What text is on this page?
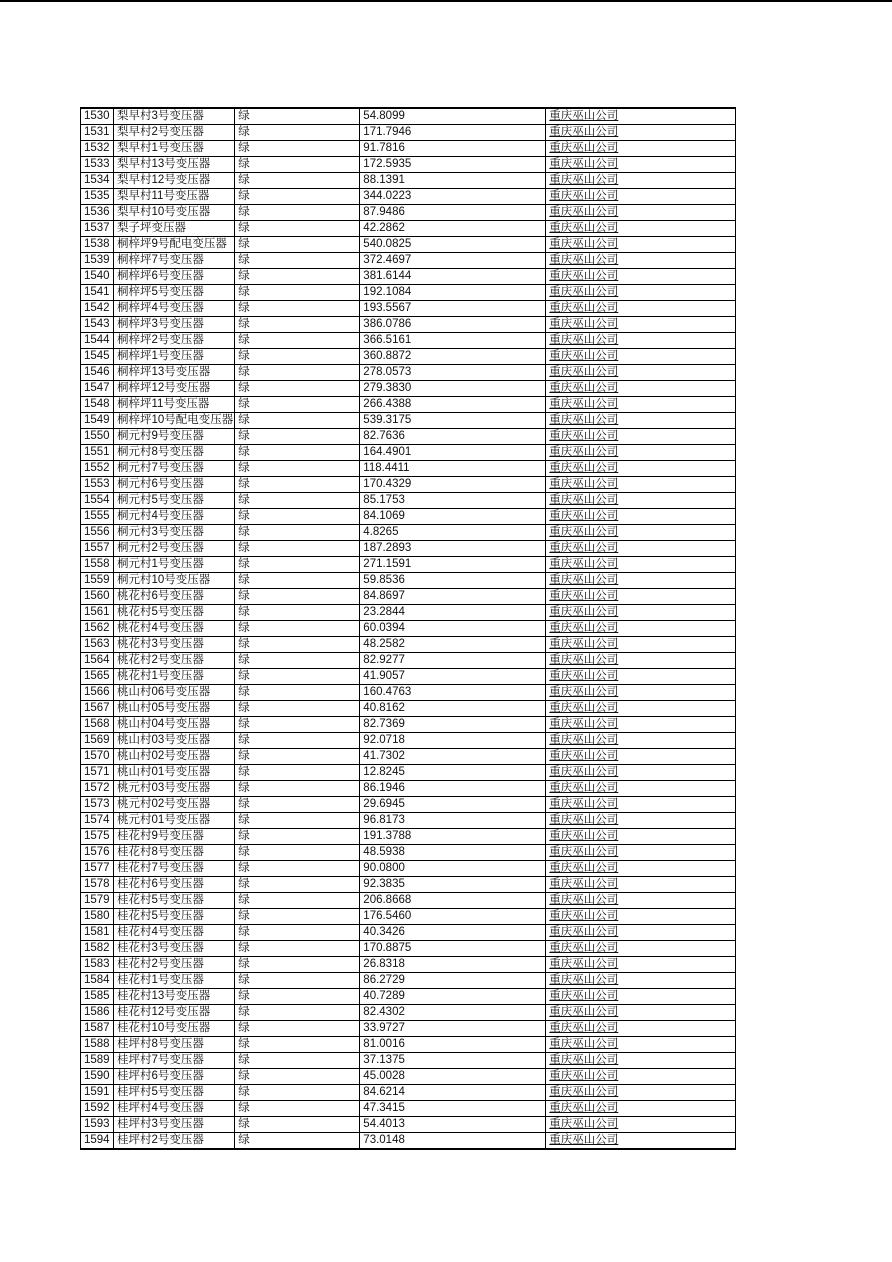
1530	梨早村3号变压器	绿	54.8099	重庆巫山公司
1531	梨早村2号变压器	绿	171.7946	重庆巫山公司
1532	梨早村1号变压器	绿	91.7816	重庆巫山公司
1533	梨早村13号变压器	绿	172.5935	重庆巫山公司
1534	梨早村12号变压器	绿	88.1391	重庆巫山公司
1535	梨早村11号变压器	绿	344.0223	重庆巫山公司
1536	梨早村10号变压器	绿	87.9486	重庆巫山公司
1537	梨子坪变压器	绿	42.2862	重庆巫山公司
1538	桐梓坪9号配电变压器	绿	540.0825	重庆巫山公司
1539	桐梓坪7号变压器	绿	372.4697	重庆巫山公司
1540	桐梓坪6号变压器	绿	381.6144	重庆巫山公司
1541	桐梓坪5号变压器	绿	192.1084	重庆巫山公司
1542	桐梓坪4号变压器	绿	193.5567	重庆巫山公司
1543	桐梓坪3号变压器	绿	386.0786	重庆巫山公司
1544	桐梓坪2号变压器	绿	366.5161	重庆巫山公司
1545	桐梓坪1号变压器	绿	360.8872	重庆巫山公司
1546	桐梓坪13号变压器	绿	278.0573	重庆巫山公司
1547	桐梓坪12号变压器	绿	279.3830	重庆巫山公司
1548	桐梓坪11号变压器	绿	266.4388	重庆巫山公司
1549	桐梓坪10号配电变压器	绿	539.3175	重庆巫山公司
1550	桐元村9号变压器	绿	82.7636	重庆巫山公司
1551	桐元村8号变压器	绿	164.4901	重庆巫山公司
1552	桐元村7号变压器	绿	118.4411	重庆巫山公司
1553	桐元村6号变压器	绿	170.4329	重庆巫山公司
1554	桐元村5号变压器	绿	85.1753	重庆巫山公司
1555	桐元村4号变压器	绿	84.1069	重庆巫山公司
1556	桐元村3号变压器	绿	4.8265	重庆巫山公司
1557	桐元村2号变压器	绿	187.2893	重庆巫山公司
1558	桐元村1号变压器	绿	271.1591	重庆巫山公司
1559	桐元村10号变压器	绿	59.8536	重庆巫山公司
1560	桃花村6号变压器	绿	84.8697	重庆巫山公司
1561	桃花村5号变压器	绿	23.2844	重庆巫山公司
1562	桃花村4号变压器	绿	60.0394	重庆巫山公司
1563	桃花村3号变压器	绿	48.2582	重庆巫山公司
1564	桃花村2号变压器	绿	82.9277	重庆巫山公司
1565	桃花村1号变压器	绿	41.9057	重庆巫山公司
1566	桃山村06号变压器	绿	160.4763	重庆巫山公司
1567	桃山村05号变压器	绿	40.8162	重庆巫山公司
1568	桃山村04号变压器	绿	82.7369	重庆巫山公司
1569	桃山村03号变压器	绿	92.0718	重庆巫山公司
1570	桃山村02号变压器	绿	41.7302	重庆巫山公司
1571	桃山村01号变压器	绿	12.8245	重庆巫山公司
1572	桃元村03号变压器	绿	86.1946	重庆巫山公司
1573	桃元村02号变压器	绿	29.6945	重庆巫山公司
1574	桃元村01号变压器	绿	96.8173	重庆巫山公司
1575	桂花村9号变压器	绿	191.3788	重庆巫山公司
1576	桂花村8号变压器	绿	48.5938	重庆巫山公司
1577	桂花村7号变压器	绿	90.0800	重庆巫山公司
1578	桂花村6号变压器	绿	92.3835	重庆巫山公司
1579	桂花村5号变压器	绿	206.8668	重庆巫山公司
1580	桂花村5号变压器	绿	176.5460	重庆巫山公司
1581	桂花村4号变压器	绿	40.3426	重庆巫山公司
1582	桂花村3号变压器	绿	170.8875	重庆巫山公司
1583	桂花村2号变压器	绿	26.8318	重庆巫山公司
1584	桂花村1号变压器	绿	86.2729	重庆巫山公司
1585	桂花村13号变压器	绿	40.7289	重庆巫山公司
1586	桂花村12号变压器	绿	82.4302	重庆巫山公司
1587	桂花村10号变压器	绿	33.9727	重庆巫山公司
1588	桂坪村8号变压器	绿	81.0016	重庆巫山公司
1589	桂坪村7号变压器	绿	37.1375	重庆巫山公司
1590	桂坪村6号变压器	绿	45.0028	重庆巫山公司
1591	桂坪村5号变压器	绿	84.6214	重庆巫山公司
1592	桂坪村4号变压器	绿	47.3415	重庆巫山公司
1593	桂坪村3号变压器	绿	54.4013	重庆巫山公司
1594	桂坪村2号变压器	绿	73.0148	重庆巫山公司
